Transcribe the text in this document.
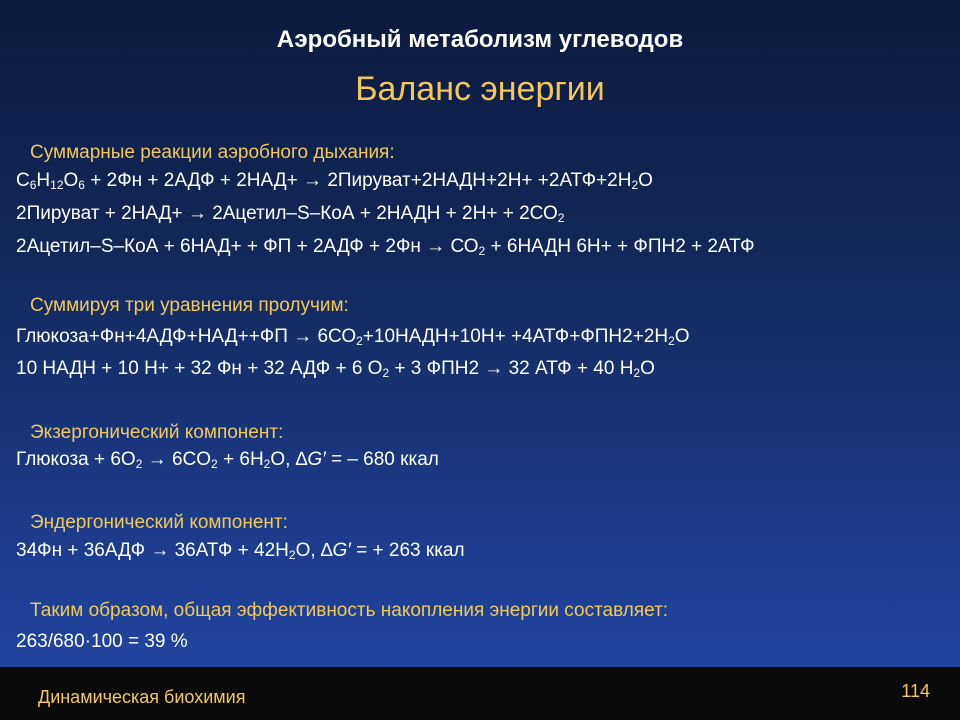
Аэробный метаболизм углеводов
Баланс энергии
Суммарные реакции аэробного дыхания:
$C_6H_{12}O_6 + 2Фн + 2АДФ + 2НАД+$ → 2Пируват+2НАДН+2Н+ $+2АТФ+2H_2O$
2Пируват + 2НАД+ → 2Ацетил–S–КоА + 2НАДН + $2Н+ + 2СО_2$
2Ацетил–S–КоА + 6НАД+ + ФП + $2АДФ + 2Фн \to СО_2$ + 6НАДН 6Н+ + ФПН2 + 2АТФ
Суммируя три уравнения пролучим:
Глюкоза+Фн+4АДФ+НАД++ФП → $6СО_2+10НАДН+10Н+ +4АТФ+ФПН2+2H_2O$
10 НАДН + 10 Н+ + 32 Фн + 32 АДФ + 6 $О_2 + 3$ ФПН2 → 32 АТФ + 40 $H_2O$
Экзергонический компонент:
Глюкоза + $6O_2 \to 6CO_2 + 6H_2O$, ∆G′ = – 680 ккал
Эндергонический компонент:
$34Фн + 36АДФ \to 36АТФ + 42H_2O$, ∆G′ = + 263 ккал
Таким образом, общая эффективность накопления энергии составляет:
263/680·100 = 39 %
Динамическая биохимия	114
